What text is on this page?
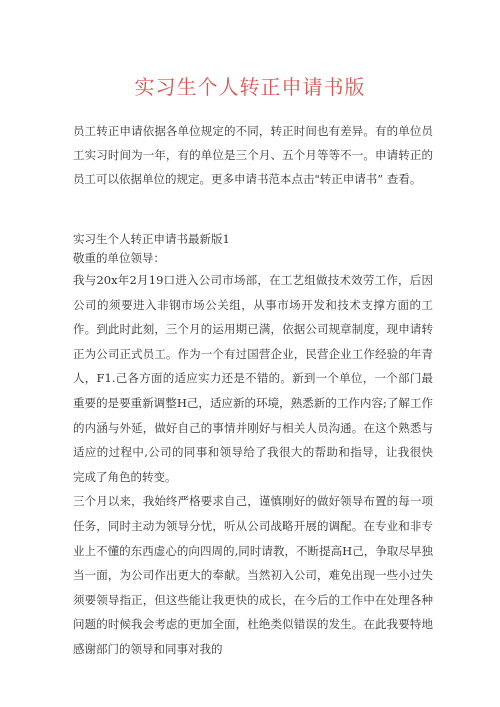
实习生个人转正申请书版
员工转正申请依据各单位规定的不同，转正时间也有差异。有的单位员工实习时间为一年，有的单位是三个月、五个月等等不一。申请转正的员工可以依据单位的规定。更多申请书范本点击"转正申请书” 查看。
实习生个人转正申请书最新版1
敬重的单位领导：

我与20x年2月19口进入公司市场部，在工艺组做技术效劳工作，后因公司的须要进入非钢市场公关组，从事市场开发和技术支撑方面的工作。到此时此刻，三个月的运用期已满，依据公司规章制度，现申请转正为公司正式员工。作为一个有过国营企业，民营企业工作经验的年青人，F1.己各方面的适应实力还是不错的。新到一个单位，一个部门最重要的是要重新调整H己，适应新的环境，熟悉新的工作内容;了解工作的内涵与外延，做好自己的事情并刚好与相关人员沟通。在这个熟悉与适应的过程中,公司的同事和领导给了我很大的帮助和指导，让我很快完成了角色的转变。

三个月以来，我始终严格要求自己，谨慎刚好的做好领导布置的每一项任务，同时主动为领导分忧，听从公司战略开展的调配。在专业和非专业上不懂的东西虚心的向四周的,同时请教，不断提高H己，争取尽早独当一面，为公司作出更大的奉献。当然初入公司，难免出现一些小过失须要领导指正，但这些能让我更快的成长，在今后的工作中在处理各种问题的时候我会考虑的更加全面，杜绝类似错误的发生。在此我要特地感谢部门的领导和同事对我的
